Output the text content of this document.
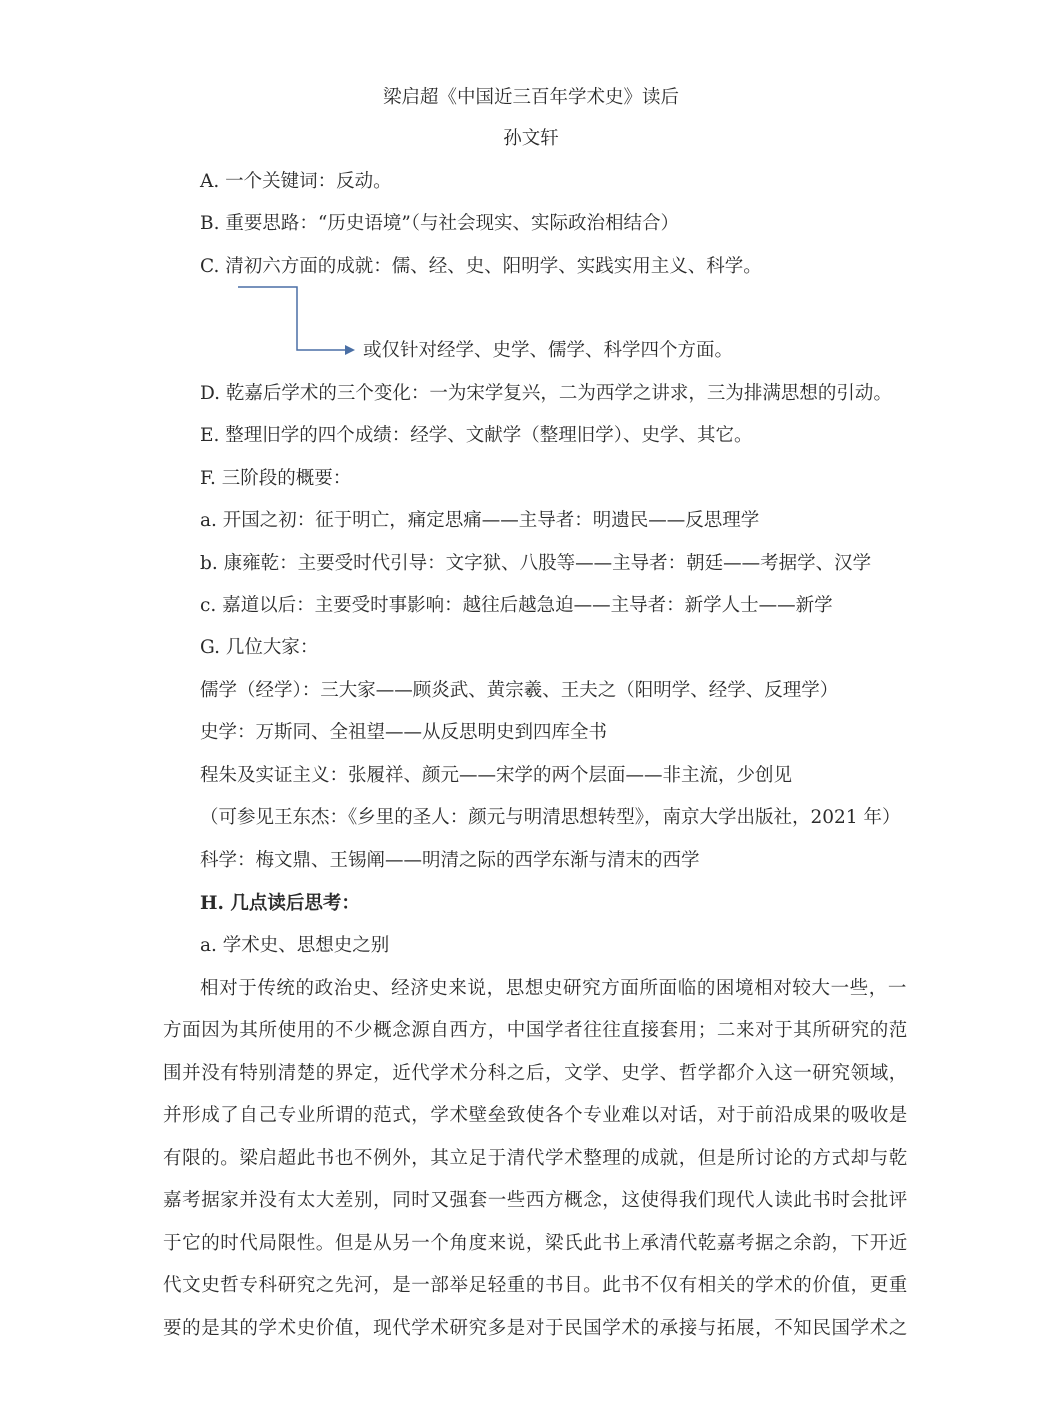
梁启超《中国近三百年学术史》读后
孙文轩
A. 一个关键词：反动。
B. 重要思路：“历史语境”（与社会现实、实际政治相结合）
C. 清初六方面的成就：儒、经、史、阳明学、实践实用主义、科学。
或仅针对经学、史学、儒学、科学四个方面。
D. 乾嘉后学术的三个变化：一为宋学复兴，二为西学之讲求，三为排满思想的引动。
E. 整理旧学的四个成绩：经学、文献学（整理旧学）、史学、其它。
F. 三阶段的概要：
a. 开国之初：征于明亡，痛定思痛——主导者：明遗民——反思理学
b. 康雍乾：主要受时代引导：文字狱、八股等——主导者：朝廷——考据学、汉学
c. 嘉道以后：主要受时事影响：越往后越急迫——主导者：新学人士——新学
G. 几位大家：
儒学（经学）：三大家——顾炎武、黄宗羲、王夫之（阳明学、经学、反理学）
史学：万斯同、全祖望——从反思明史到四库全书
程朱及实证主义：张履祥、颜元——宋学的两个层面——非主流，少创见
（可参见王东杰：《乡里的圣人：颜元与明清思想转型》，南京大学出版社，2021 年）
科学：梅文鼎、王锡阐——明清之际的西学东渐与清末的西学
H. 几点读后思考：
a. 学术史、思想史之别
相对于传统的政治史、经济史来说，思想史研究方面所面临的困境相对较大一些，一
方面因为其所使用的不少概念源自西方，中国学者往往直接套用；二来对于其所研究的范
围并没有特别清楚的界定，近代学术分科之后，文学、史学、哲学都介入这一研究领域，
并形成了自己专业所谓的范式，学术壁垒致使各个专业难以对话，对于前沿成果的吸收是
有限的。梁启超此书也不例外，其立足于清代学术整理的成就，但是所讨论的方式却与乾
嘉考据家并没有太大差别，同时又强套一些西方概念，这使得我们现代人读此书时会批评
于它的时代局限性。但是从另一个角度来说，梁氏此书上承清代乾嘉考据之余韵，下开近
代文史哲专科研究之先河，是一部举足轻重的书目。此书不仅有相关的学术的价值，更重
要的是其的学术史价值，现代学术研究多是对于民国学术的承接与拓展，不知民国学术之
